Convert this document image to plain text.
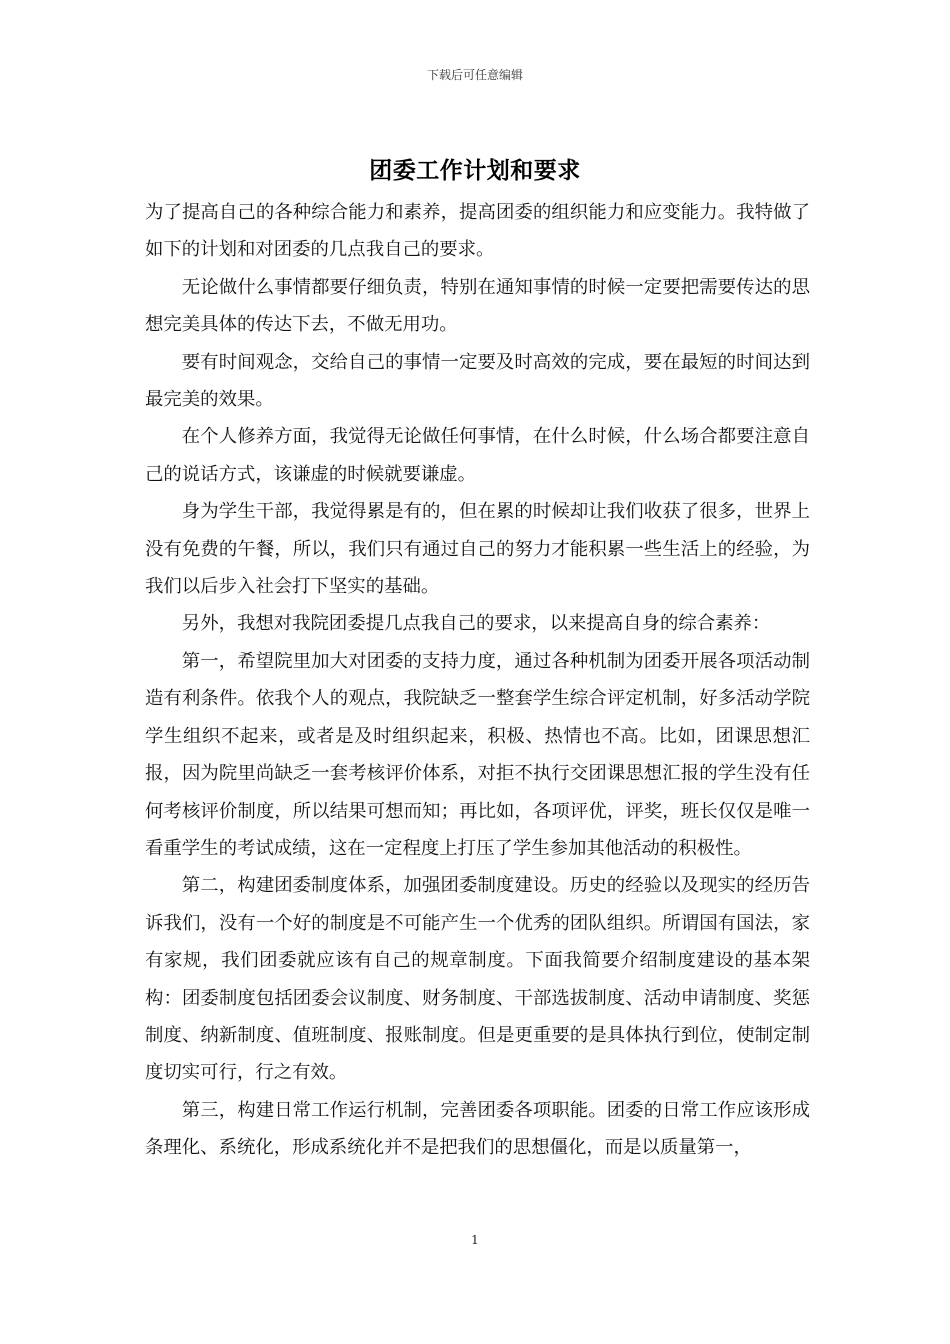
下载后可任意编辑
团委工作计划和要求

为了提高自己的各种综合能力和素养，提高团委的组织能力和应变能力。我特做了如下的计划和对团委的几点我自己的要求。

无论做什么事情都要仔细负责，特别在通知事情的时候一定要把需要传达的思想完美具体的传达下去，不做无用功。

要有时间观念，交给自己的事情一定要及时高效的完成，要在最短的时间达到最完美的效果。

在个人修养方面，我觉得无论做任何事情，在什么时候，什么场合都要注意自己的说话方式，该谦虚的时候就要谦虚。

身为学生干部，我觉得累是有的，但在累的时候却让我们收获了很多，世界上没有免费的午餐，所以，我们只有通过自己的努力才能积累一些生活上的经验，为我们以后步入社会打下坚实的基础。

另外，我想对我院团委提几点我自己的要求，以来提高自身的综合素养：

第一，希望院里加大对团委的支持力度，通过各种机制为团委开展各项活动制造有利条件。依我个人的观点，我院缺乏一整套学生综合评定机制，好多活动学院学生组织不起来，或者是及时组织起来，积极、热情也不高。比如，团课思想汇报，因为院里尚缺乏一套考核评价体系，对拒不执行交团课思想汇报的学生没有任何考核评价制度，所以结果可想而知；再比如，各项评优，评奖，班长仅仅是唯一看重学生的考试成绩，这在一定程度上打压了学生参加其他活动的积极性。

第二，构建团委制度体系，加强团委制度建设。历史的经验以及现实的经历告诉我们，没有一个好的制度是不可能产生一个优秀的团队组织。所谓国有国法，家有家规，我们团委就应该有自己的规章制度。下面我简要介绍制度建设的基本架构：团委制度包括团委会议制度、财务制度、干部选拔制度、活动申请制度、奖惩制度、纳新制度、值班制度、报账制度。但是更重要的是具体执行到位，使制定制度切实可行，行之有效。

第三，构建日常工作运行机制，完善团委各项职能。团委的日常工作应该形成条理化、系统化，形成系统化并不是把我们的思想僵化，而是以质量第一，

1
